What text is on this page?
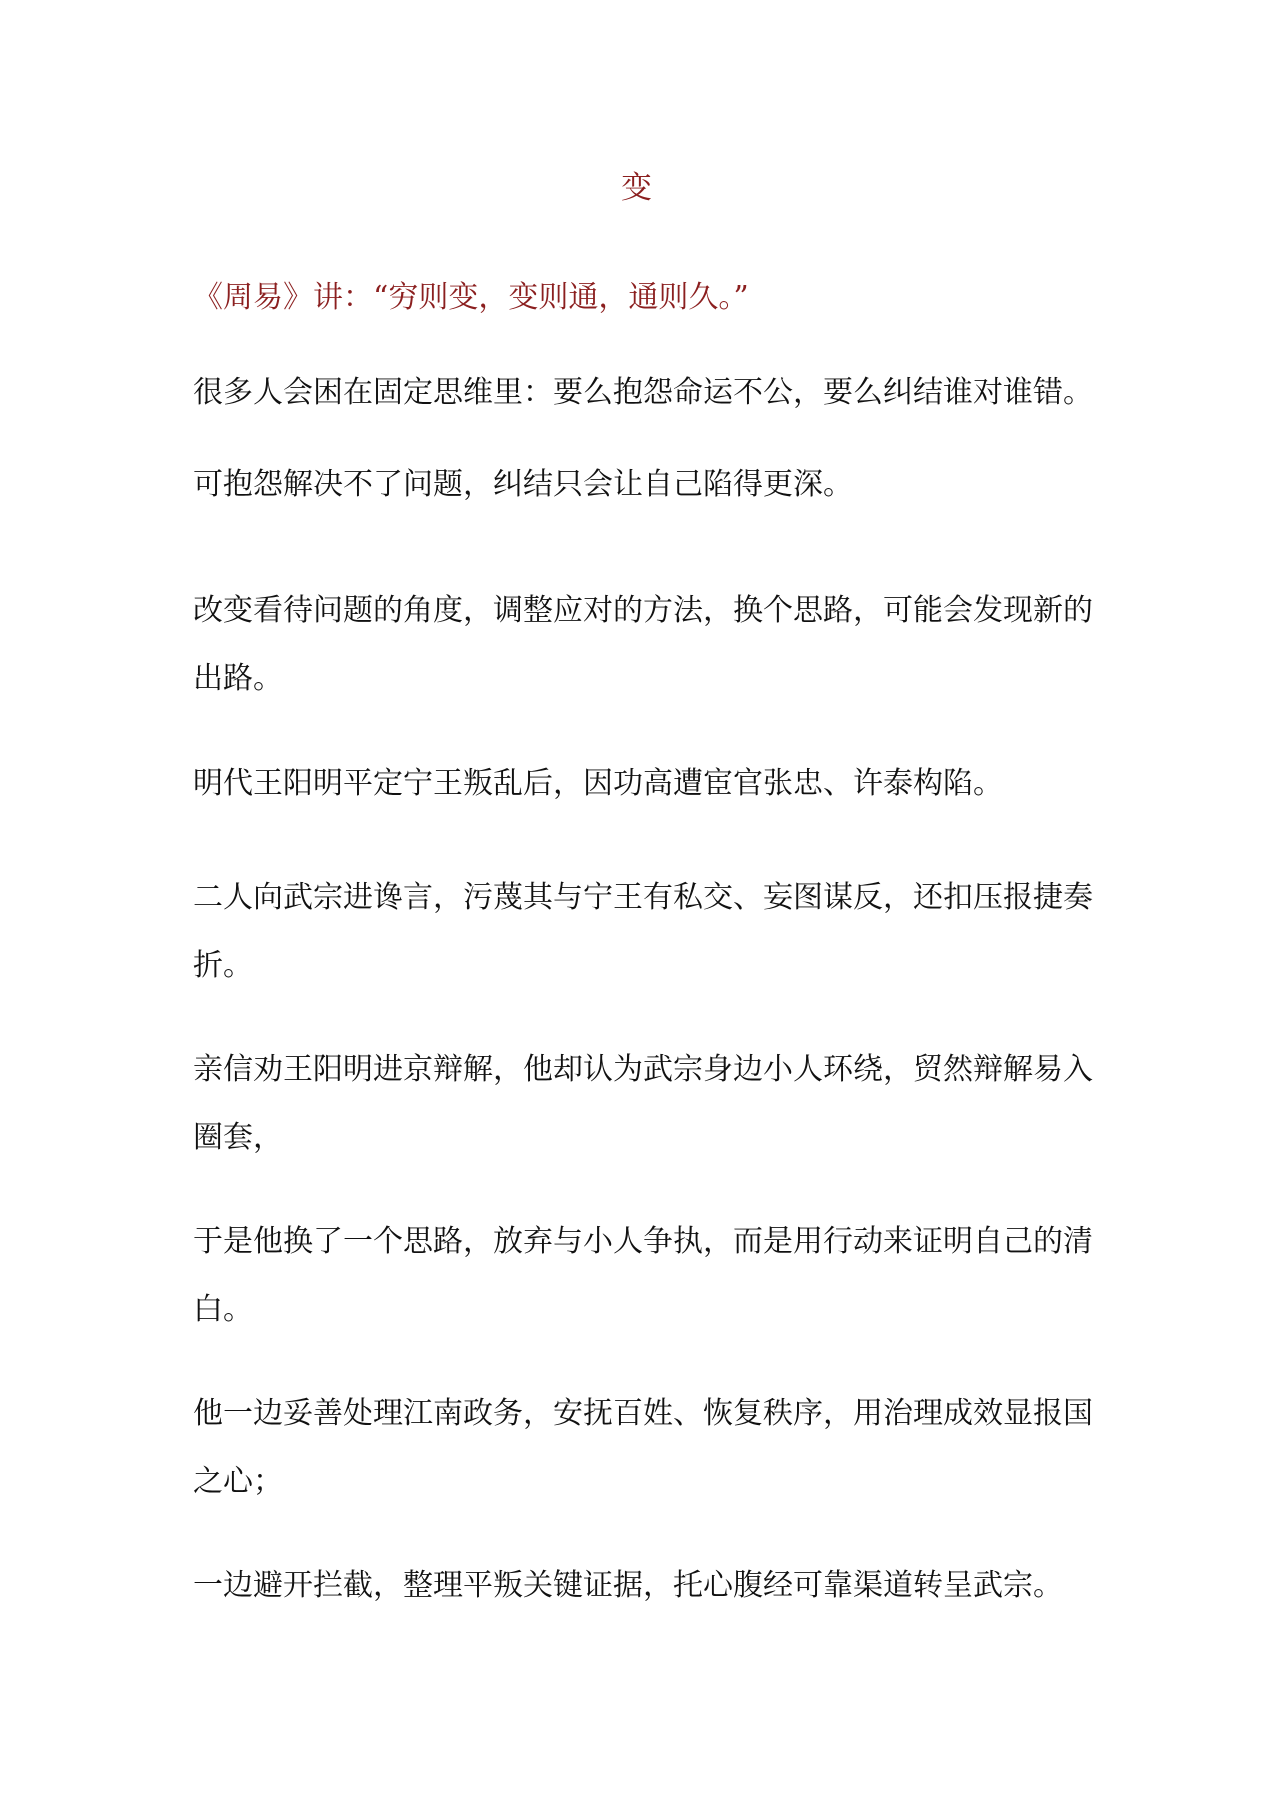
变
《周易》讲：“穷则变，变则通，通则久。”
很多人会困在固定思维里：要么抱怨命运不公，要么纠结谁对谁错。
可抱怨解决不了问题，纠结只会让自己陷得更深。
改变看待问题的角度，调整应对的方法，换个思路，可能会发现新的
出路。
明代王阳明平定宁王叛乱后，因功高遭宦官张忠、许泰构陷。
二人向武宗进谗言，污蔑其与宁王有私交、妄图谋反，还扣压报捷奏
折。
亲信劝王阳明进京辩解，他却认为武宗身边小人环绕，贸然辩解易入
圈套，
于是他换了一个思路，放弃与小人争执，而是用行动来证明自己的清
白。
他一边妥善处理江南政务，安抚百姓、恢复秩序，用治理成效显报国
之心；
一边避开拦截，整理平叛关键证据，托心腹经可靠渠道转呈武宗。
